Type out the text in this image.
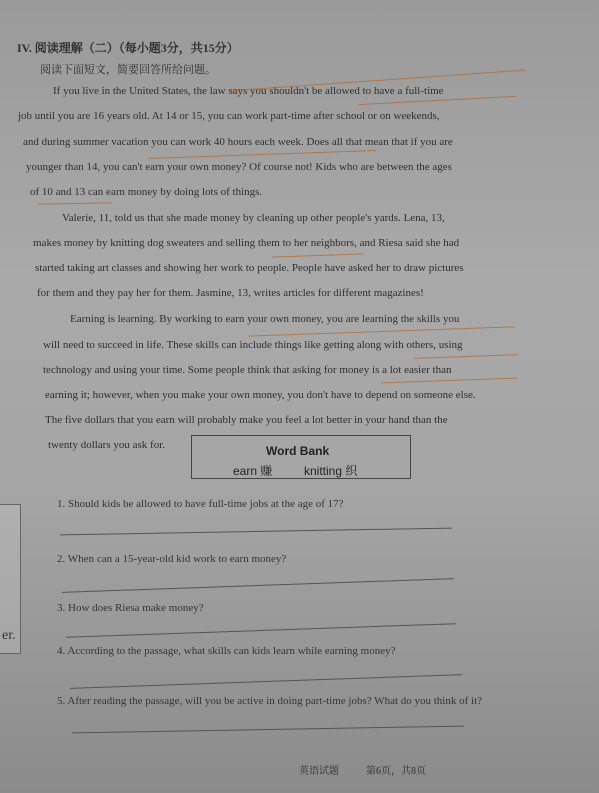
er.
IV. 阅读理解（二）（每小题3分，共15分）
阅读下面短文，简要回答所给问题。
If you live in the United States, the law says you shouldn't be allowed to have a full-time
job until you are 16 years old. At 14 or 15, you can work part-time after school or on weekends,
and during summer vacation you can work 40 hours each week. Does all that mean that if you are
younger than 14, you can't earn your own money? Of course not! Kids who are between the ages
of 10 and 13 can earn money by doing lots of things.
Valerie, 11, told us that she made money by cleaning up other people's yards. Lena, 13,
makes money by knitting dog sweaters and selling them to her neighbors, and Riesa said she had
started taking art classes and showing her work to people. People have asked her to draw pictures
for them and they pay her for them. Jasmine, 13, writes articles for different magazines!
Earning is learning. By working to earn your own money, you are learning the skills you
will need to succeed in life. These skills can include things like getting along with others, using
technology and using your time. Some people think that asking for money is a lot easier than
earning it; however, when you make your own money, you don't have to depend on someone else.
The five dollars that you earn will probably make you feel a lot better in your hand than the
twenty dollars you ask for.	Word Bank
earn 赚	knitting 织
1. Should kids be allowed to have full-time jobs at the age of 17?
2. When can a 15-year-old kid work to earn money?
3. How does Riesa make money?
4. According to the passage, what skills can kids learn while earning money?
5. After reading the passage, will you be active in doing part-time jobs? What do you think of it?
英语试题	第6页，共8页
